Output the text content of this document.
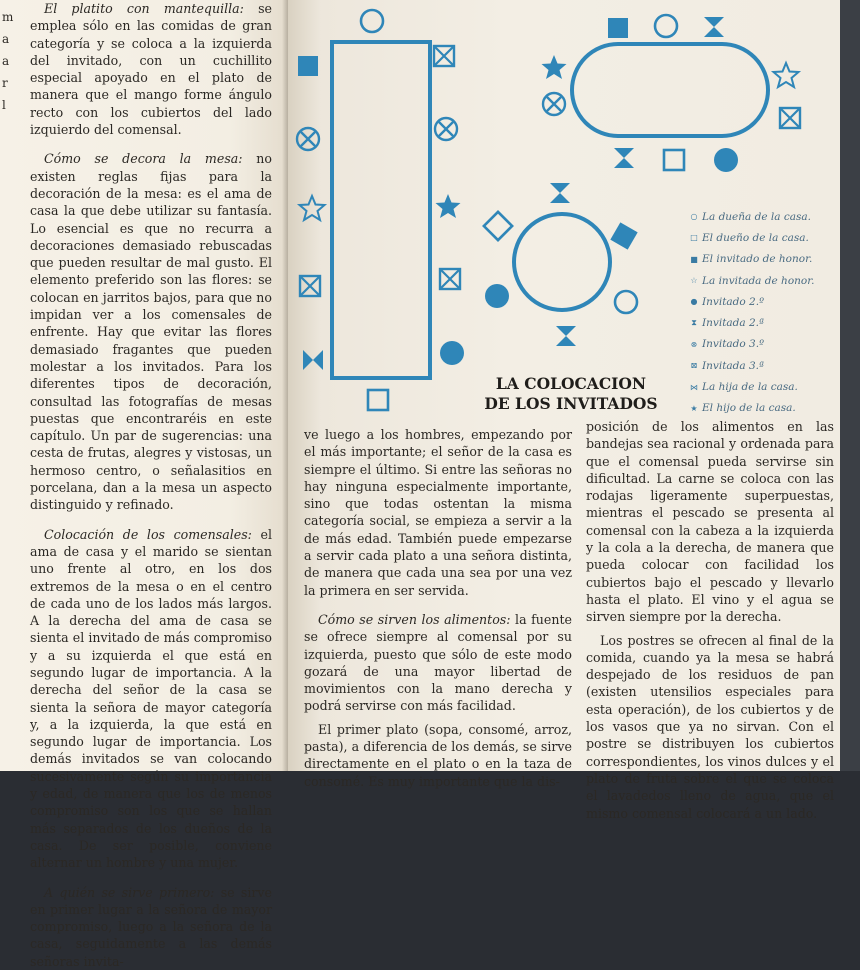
m
a
a
r
l

El platito con mantequilla: se emplea sólo en las comidas de gran categoría y se coloca a la izquierda del invitado, con un cuchillito especial apoyado en el plato de manera que el mango forme ángulo recto con los cubiertos del lado izquierdo del comensal.

Cómo se decora la mesa: no existen reglas fijas para la decoración de la mesa: es el ama de casa la que debe utilizar su fantasía. Lo esencial es que no recurra a decoraciones demasiado rebuscadas que pueden resultar de mal gusto. El elemento preferido son las flores: se colocan en jarritos bajos, para que no impidan ver a los comensales de enfrente. Hay que evitar las flores demasiado fragantes que pueden molestar a los invitados. Para los diferentes tipos de decoración, consultad las fotografías de mesas puestas que encontraréis en este capítulo. Un par de sugerencias: una cesta de frutas, alegres y vistosas, un hermoso centro, o señalasitios en porcelana, dan a la mesa un aspecto distinguido y refinado.

Colocación de los comensales: el ama de casa y el marido se sientan uno frente al otro, en los dos extremos de la mesa o en el centro de cada uno de los lados más largos. A la derecha del ama de casa se sienta el invitado de más compromiso y a su izquierda el que está en segundo lugar de importancia. A la derecha del señor de la casa se sienta la señora de mayor categoría y, a la izquierda, la que está en segundo lugar de importancia. Los demás invitados se van colocando sucesivamente según su importancia y edad, de manera que los de menos compromiso son los que se hallan más separados de los dueños de la casa. De ser posible, conviene alternar un hombre y una mujer.

A quién se sirve primero: se sirve en primer lugar a la señora de mayor compromiso, luego a la señora de la casa, seguidamente a las demás señoras invita-

○ La dueña de la casa.
□ El dueño de la casa.
■ El invitado de honor.
☆ La invitada de honor.
● Invitado 2.º
⧗ Invitada 2.ª
⊗ Invitado 3.º
⊠ Invitada 3.ª
⋈ La hija de la casa.
★ El hijo de la casa.
LA COLOCACION
DE LOS INVITADOS

ve luego a los hombres, empezando por el más importante; el señor de la casa es siempre el último. Si entre las señoras no hay ninguna especialmente importante, sino que todas ostentan la misma categoría social, se empieza a servir a la de más edad. También puede empezarse a servir cada plato a una señora distinta, de manera que cada una sea por una vez la primera en ser servida.

Cómo se sirven los alimentos: la fuente se ofrece siempre al comensal por su izquierda, puesto que sólo de este modo gozará de una mayor libertad de movimientos con la mano derecha y podrá servirse con más facilidad.

El primer plato (sopa, consomé, arroz, pasta), a diferencia de los demás, se sirve directamente en el plato o en la taza de consomé. Es muy importante que la dis-

posición de los alimentos en las bandejas sea racional y ordenada para que el comensal pueda servirse sin dificultad. La carne se coloca con las rodajas ligeramente superpuestas, mientras el pescado se presenta al comensal con la cabeza a la izquierda y la cola a la derecha, de manera que pueda colocar con facilidad los cubiertos bajo el pescado y llevarlo hasta el plato. El vino y el agua se sirven siempre por la derecha.

Los postres se ofrecen al final de la comida, cuando ya la mesa se habrá despejado de los residuos de pan (existen utensilios especiales para esta operación), de los cubiertos y de los vasos que ya no sirvan. Con el postre se distribuyen los cubiertos correspondientes, los vinos dulces y el plato de fruta sobre el que se coloca el lavadedos lleno de agua, que el mismo comensal colocará a un lado.
